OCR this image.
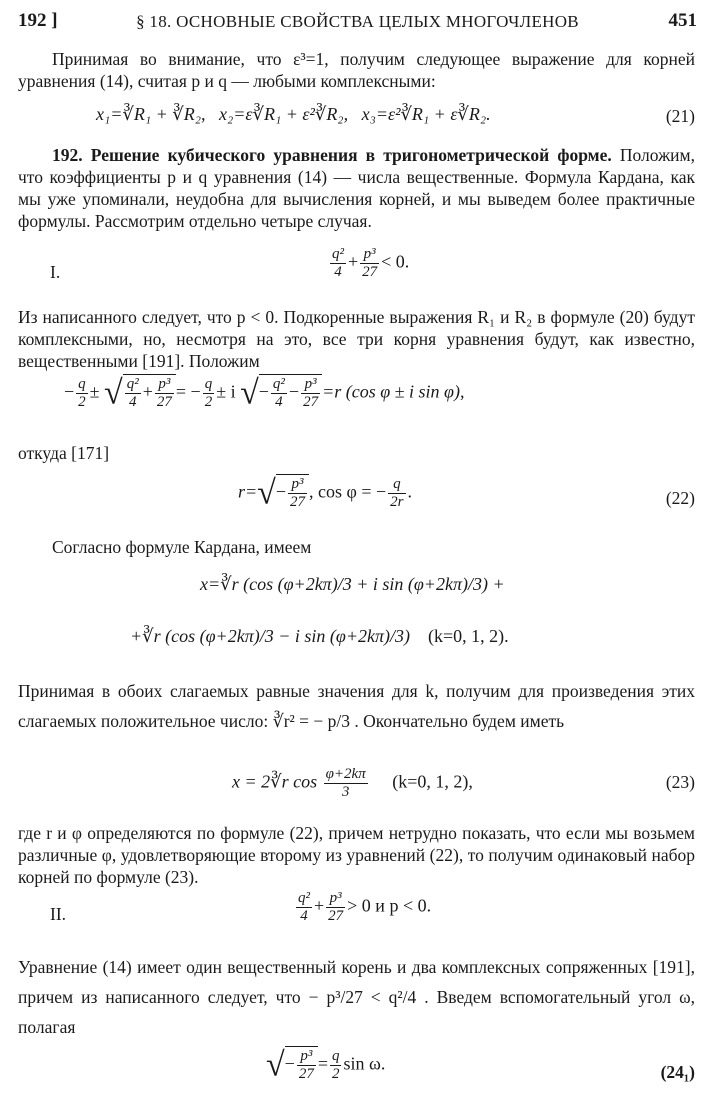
192 ]	§ 18. ОСНОВНЫЕ СВОЙСТВА ЦЕЛЫХ МНОГОЧЛЕНОВ	451
Принимая во внимание, что ε³=1, получим следующее выражение для корней уравнения (14), считая p и q — любыми комплексными:
x₁=∛R₁ + ∛R₂, x₂=ε∛R₁ + ε²∛R₂, x₃=ε²∛R₁ + ε∛R₂.	(21)
192. Решение кубического уравнения в тригонометрической форме. Положим, что коэффициенты p и q уравнения (14) — числа вещественные. Формула Кардана, как мы уже упоминали, неудобна для вычисления корней, и мы выведем более практичные формулы. Рассмотрим отдельно четыре случая.
I.	$\frac{\text{q²}}{4} + \frac{\text{p³}}{27} < 0$.
Из написанного следует, что p < 0. Подкоренные выражения R₁ и R₂ в формуле (20) будут комплексными, но, несмотря на это, все три корня уравнения будут, как известно, вещественными [191]. Положим
− $\frac{q}{2}$ ± √ $\frac{\text{q²}}{4} + \frac{\text{p³}}{27}$ = − $\frac{q}{2} \pm i$ √− $\frac{\text{q²}}{4} - \frac{\text{p³}}{27} =r$ (cos φ ± i sin φ),
откуда [171]
$r=√- \frac{\text{p³}}{27}$ , cos φ = − $\frac{q}{2r}$ .	(22)
Согласно формуле Кардана, имеем
x=∛r (cos (φ+2kπ)/3 + i sin (φ+2kπ)/3) +
+∛r (cos (φ+2kπ)/3 − i sin (φ+2kπ)/3) (k=0, 1, 2).
Принимая в обоих слагаемых равные значения для k, получим для произведения этих слагаемых положительное число: ∛r² = − p/3 . Окончательно будем иметь
x = 2∛r $\cos \frac{\varphi+2k\pi}{3} (k=0$, 1, 2),	(23)
где r и φ определяются по формуле (22), причем нетрудно показать, что если мы возьмем различные φ, удовлетворяющие второму из уравнений (22), то получим одинаковый набор корней по формуле (23).
II.	$\frac{\text{q²}}{4} + \frac{\text{p³}}{27} > 0$ и p < 0.
Уравнение (14) имеет один вещественный корень и два комплексных сопряженных [191], причем из написанного следует, что − p³/27 < q²/4 . Введем вспомогательный угол ω, полагая
√− $\frac{\text{p³}}{27} = \frac{q}{2}$ sin ω.	(24₁)
